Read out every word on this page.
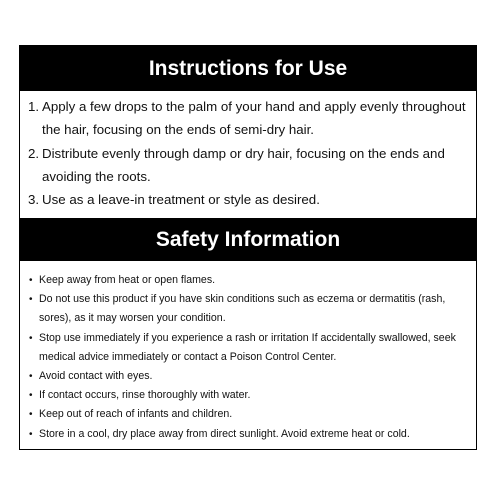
Instructions for Use
1. Apply a few drops to the palm of your hand and apply evenly throughout the hair, focusing on the ends of semi-dry hair.
2. Distribute evenly through damp or dry hair, focusing on the ends and avoiding the roots.
3. Use as a leave-in treatment or style as desired.
Safety Information
• Keep away from heat or open flames.
• Do not use this product if you have skin conditions such as eczema or dermatitis (rash, sores), as it may worsen your condition.
• Stop use immediately if you experience a rash or irritation If accidentally swallowed, seek medical advice immediately or contact a Poison Control Center.
• Avoid contact with eyes.
• If contact occurs, rinse thoroughly with water.
• Keep out of reach of infants and children.
• Store in a cool, dry place away from direct sunlight. Avoid extreme heat or cold.
